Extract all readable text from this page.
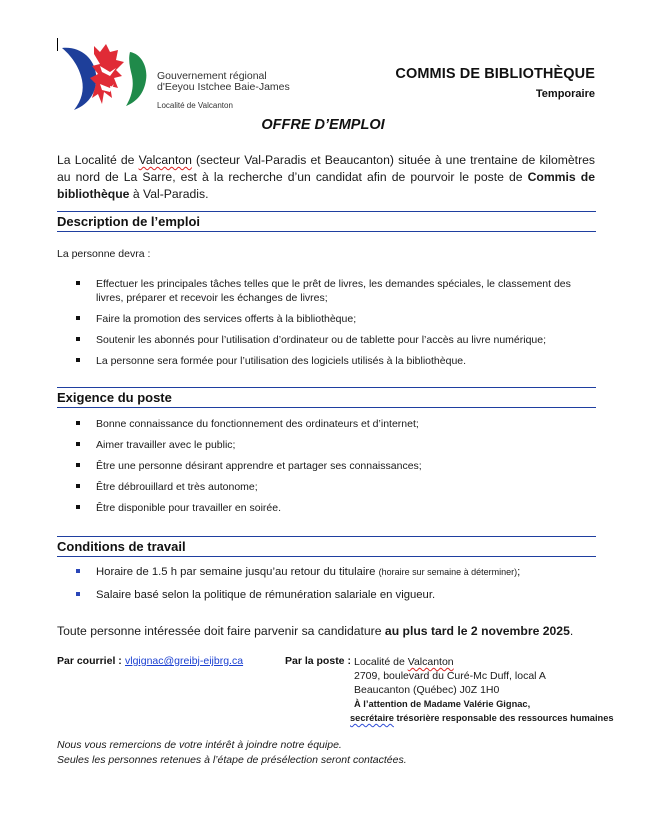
Gouvernement régional
d'Eeyou Istchee Baie-James
Localité de Valcanton
COMMIS DE BIBLIOTHÈQUE
Temporaire
OFFRE D’EMPLOI
La Localité de Valcanton (secteur Val-Paradis et Beaucanton) située à une trentaine de kilomètres au nord de La Sarre, est à la recherche d’un candidat afin de pourvoir le poste de Commis de bibliothèque à Val-Paradis.
Description de l’emploi
La personne devra :
Effectuer les principales tâches telles que le prêt de livres, les demandes spéciales, le classement des livres, préparer et recevoir les échanges de livres;
Faire la promotion des services offerts à la bibliothèque;
Soutenir les abonnés pour l’utilisation d’ordinateur ou de tablette pour l’accès au livre numérique;
La personne sera formée pour l’utilisation des logiciels utilisés à la bibliothèque.
Exigence du poste
Bonne connaissance du fonctionnement des ordinateurs et d’internet;
Aimer travailler avec le public;
Être une personne désirant apprendre et partager ses connaissances;
Être débrouillard et très autonome;
Être disponible pour travailler en soirée.
Conditions de travail
Horaire de 1.5 h par semaine jusqu’au retour du titulaire (horaire sur semaine à déterminer);
Salaire basé selon la politique de rémunération salariale en vigueur.
Toute personne intéressée doit faire parvenir sa candidature au plus tard le 2 novembre 2025.
Par courriel : vlgignac@greibj-eijbrg.ca	Par la poste : Localité de Valcanton
2709, boulevard du Curé-Mc Duff, local A
Beaucanton (Québec) J0Z 1H0
À l’attention de Madame Valérie Gignac,
secrétaire trésorière responsable des ressources humaines
Nous vous remercions de votre intérêt à joindre notre équipe.
Seules les personnes retenues à l’étape de présélection seront contactées.
